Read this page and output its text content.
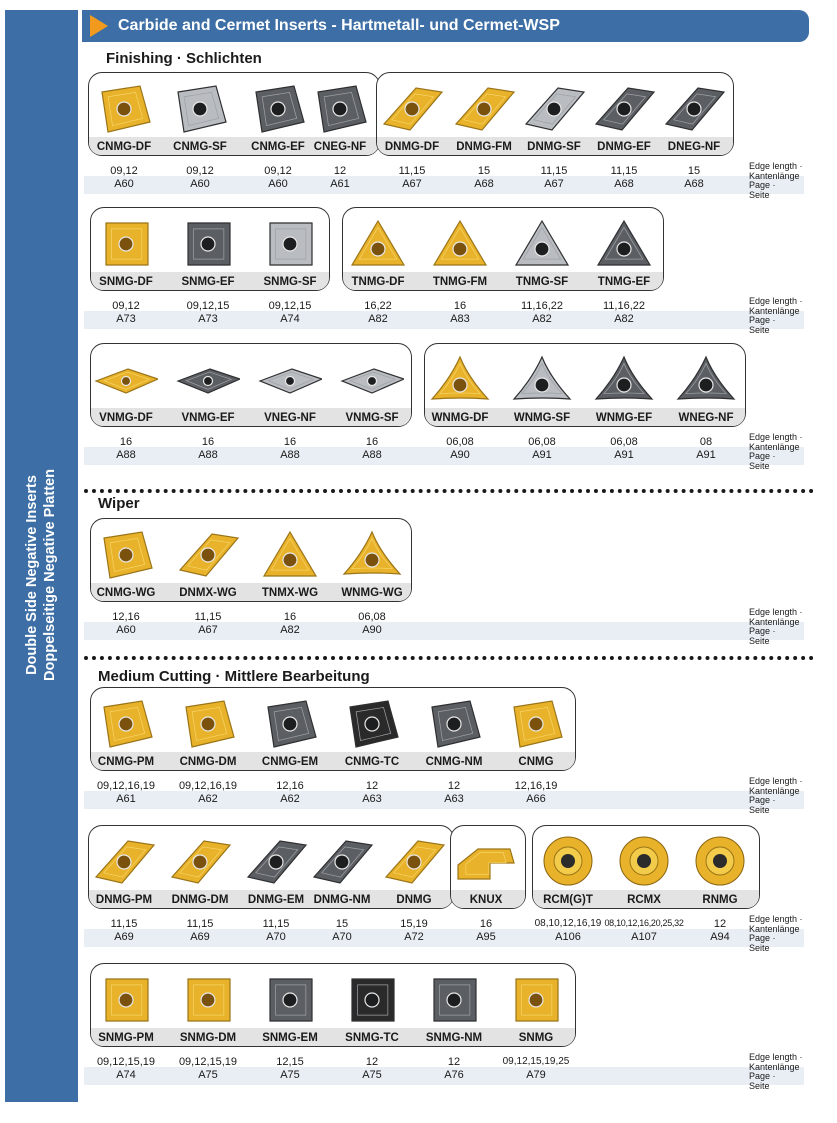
Double Side Negative Inserts Doppelseitige Negative Platten
Carbide and Cermet Inserts - Hartmetall- und Cermet-WSP
Finishing · Schlichten
Wiper
Medium Cutting · Mittlere Bearbeitung
CNMG-DF
09,12
A60
CNMG-SF
09,12
A60
CNMG-EF
09,12
A60
CNEG-NF
12
A61
DNMG-DF
11,15
A67
DNMG-FM
15
A68
DNMG-SF
11,15
A67
DNMG-EF
11,15
A68
DNEG-NF
15
A68
Edge length ·
Kantenlänge
Page ·
Seite
SNMG-DF
09,12
A73
SNMG-EF
09,12,15
A73
SNMG-SF
09,12,15
A74
TNMG-DF
16,22
A82
TNMG-FM
16
A83
TNMG-SF
11,16,22
A82
TNMG-EF
11,16,22
A82
Edge length ·
Kantenlänge
Page ·
Seite
VNMG-DF
16
A88
VNMG-EF
16
A88
VNEG-NF
16
A88
VNMG-SF
16
A88
WNMG-DF
06,08
A90
WNMG-SF
06,08
A91
WNMG-EF
06,08
A91
WNEG-NF
08
A91
Edge length ·
Kantenlänge
Page ·
Seite
CNMG-WG
12,16
A60
DNMX-WG
11,15
A67
TNMX-WG
16
A82
WNMG-WG
06,08
A90
Edge length ·
Kantenlänge
Page ·
Seite
CNMG-PM
09,12,16,19
A61
CNMG-DM
09,12,16,19
A62
CNMG-EM
12,16
A62
CNMG-TC
12
A63
CNMG-NM
12
A63
CNMG
12,16,19
A66
Edge length ·
Kantenlänge
Page ·
Seite
DNMG-PM
11,15
A69
DNMG-DM
11,15
A69
DNMG-EM
11,15
A70
DNMG-NM
15
A70
DNMG
15,19
A72
KNUX
16
A95
RCM(G)T
08,10,12,16,19
A106
RCMX
08,10,12,16,20,25,32
A107
RNMG
12
A94
Edge length ·
Kantenlänge
Page ·
Seite
SNMG-PM
09,12,15,19
A74
SNMG-DM
09,12,15,19
A75
SNMG-EM
12,15
A75
SNMG-TC
12
A75
SNMG-NM
12
A76
SNMG
09,12,15,19,25
A79
Edge length ·
Kantenlänge
Page ·
Seite
